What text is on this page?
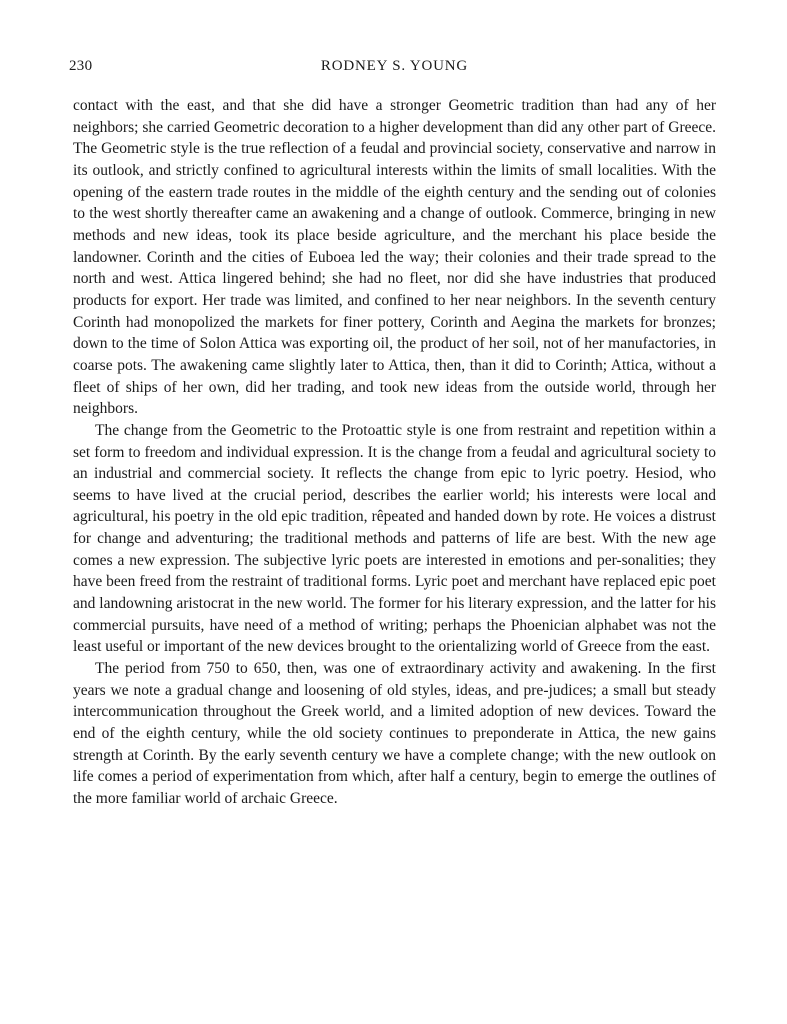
230	RODNEY S. YOUNG

contact with the east, and that she did have a stronger Geometric tradition than had any of her neighbors; she carried Geometric decoration to a higher development than did any other part of Greece. The Geometric style is the true reflection of a feudal and provincial society, conservative and narrow in its outlook, and strictly confined to agricultural interests within the limits of small localities. With the opening of the eastern trade routes in the middle of the eighth century and the sending out of colonies to the west shortly thereafter came an awakening and a change of outlook. Commerce, bringing in new methods and new ideas, took its place beside agriculture, and the merchant his place beside the landowner. Corinth and the cities of Euboea led the way; their colonies and their trade spread to the north and west. Attica lingered behind; she had no fleet, nor did she have industries that produced products for export. Her trade was limited, and confined to her near neighbors. In the seventh century Corinth had monopolized the markets for finer pottery, Corinth and Aegina the markets for bronzes; down to the time of Solon Attica was exporting oil, the product of her soil, not of her manufactories, in coarse pots. The awakening came slightly later to Attica, then, than it did to Corinth; Attica, without a fleet of ships of her own, did her trading, and took new ideas from the outside world, through her neighbors.

The change from the Geometric to the Protoattic style is one from restraint and repetition within a set form to freedom and individual expression. It is the change from a feudal and agricultural society to an industrial and commercial society. It reflects the change from epic to lyric poetry. Hesiod, who seems to have lived at the crucial period, describes the earlier world; his interests were local and agricultural, his poetry in the old epic tradition, rêpeated and handed down by rote. He voices a distrust for change and adventuring; the traditional methods and patterns of life are best. With the new age comes a new expression. The subjective lyric poets are interested in emotions and per-sonalities; they have been freed from the restraint of traditional forms. Lyric poet and merchant have replaced epic poet and landowning aristocrat in the new world. The former for his literary expression, and the latter for his commercial pursuits, have need of a method of writing; perhaps the Phoenician alphabet was not the least useful or important of the new devices brought to the orientalizing world of Greece from the east.

The period from 750 to 650, then, was one of extraordinary activity and awakening. In the first years we note a gradual change and loosening of old styles, ideas, and pre-judices; a small but steady intercommunication throughout the Greek world, and a limited adoption of new devices. Toward the end of the eighth century, while the old society continues to preponderate in Attica, the new gains strength at Corinth. By the early seventh century we have a complete change; with the new outlook on life comes a period of experimentation from which, after half a century, begin to emerge the outlines of the more familiar world of archaic Greece.
